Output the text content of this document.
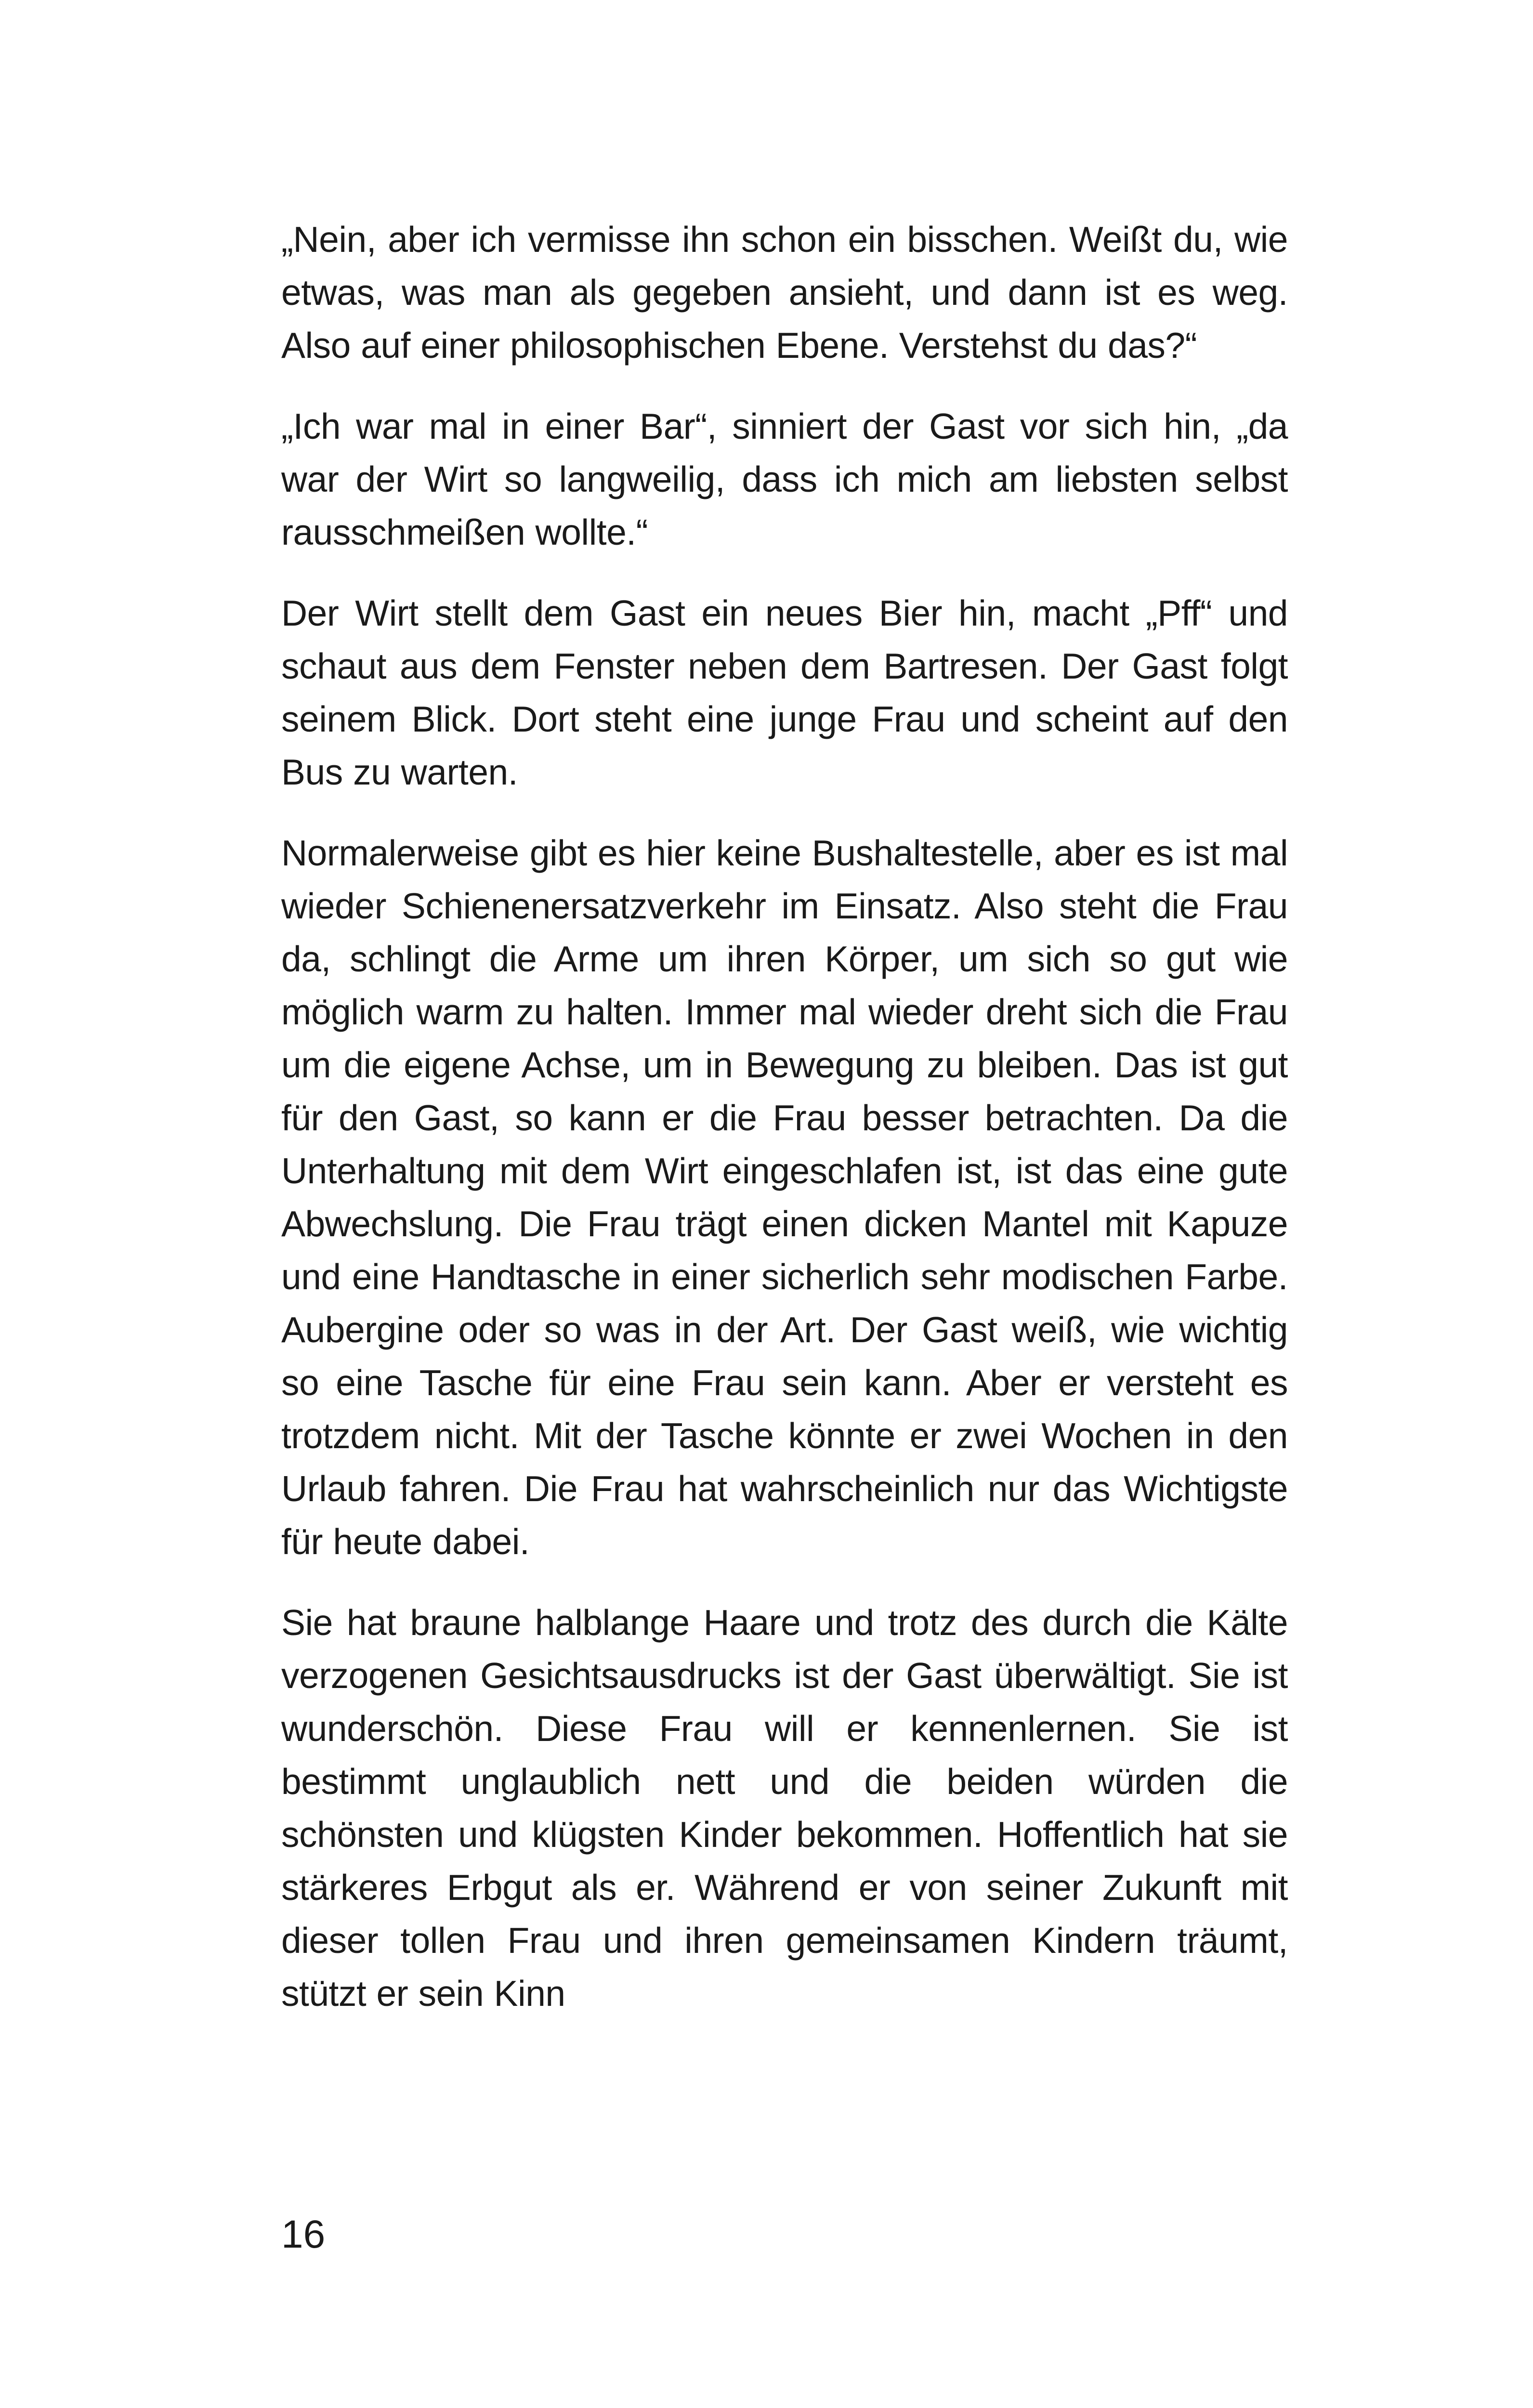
„Nein, aber ich vermisse ihn schon ein bisschen. Weißt du, wie etwas, was man als gegeben ansieht, und dann ist es weg. Also auf einer philosophischen Ebene. Verstehst du das?“

„Ich war mal in einer Bar“, sinniert der Gast vor sich hin, „da war der Wirt so langweilig, dass ich mich am liebsten selbst rausschmeißen wollte.“

Der Wirt stellt dem Gast ein neues Bier hin, macht „Pff“ und schaut aus dem Fenster neben dem Bartresen. Der Gast folgt seinem Blick. Dort steht eine junge Frau und scheint auf den Bus zu warten.

Normalerweise gibt es hier keine Bushaltestelle, aber es ist mal wieder Schienenersatzverkehr im Einsatz. Also steht die Frau da, schlingt die Arme um ihren Körper, um sich so gut wie möglich warm zu halten. Immer mal wieder dreht sich die Frau um die eigene Achse, um in Bewegung zu bleiben. Das ist gut für den Gast, so kann er die Frau besser betrachten. Da die Unterhaltung mit dem Wirt eingeschlafen ist, ist das eine gute Abwechslung. Die Frau trägt einen dicken Mantel mit Kapuze und eine Handtasche in einer sicherlich sehr modischen Farbe. Aubergine oder so was in der Art. Der Gast weiß, wie wichtig so eine Tasche für eine Frau sein kann. Aber er versteht es trotzdem nicht. Mit der Tasche könnte er zwei Wochen in den Urlaub fahren. Die Frau hat wahrscheinlich nur das Wichtigste für heute dabei.

Sie hat braune halblange Haare und trotz des durch die Kälte verzogenen Gesichtsausdrucks ist der Gast überwältigt. Sie ist wunderschön. Diese Frau will er kennenlernen. Sie ist bestimmt unglaublich nett und die beiden würden die schönsten und klügsten Kinder bekommen. Hoffentlich hat sie stärkeres Erbgut als er. Während er von seiner Zukunft mit dieser tollen Frau und ihren gemeinsamen Kindern träumt, stützt er sein Kinn

16
